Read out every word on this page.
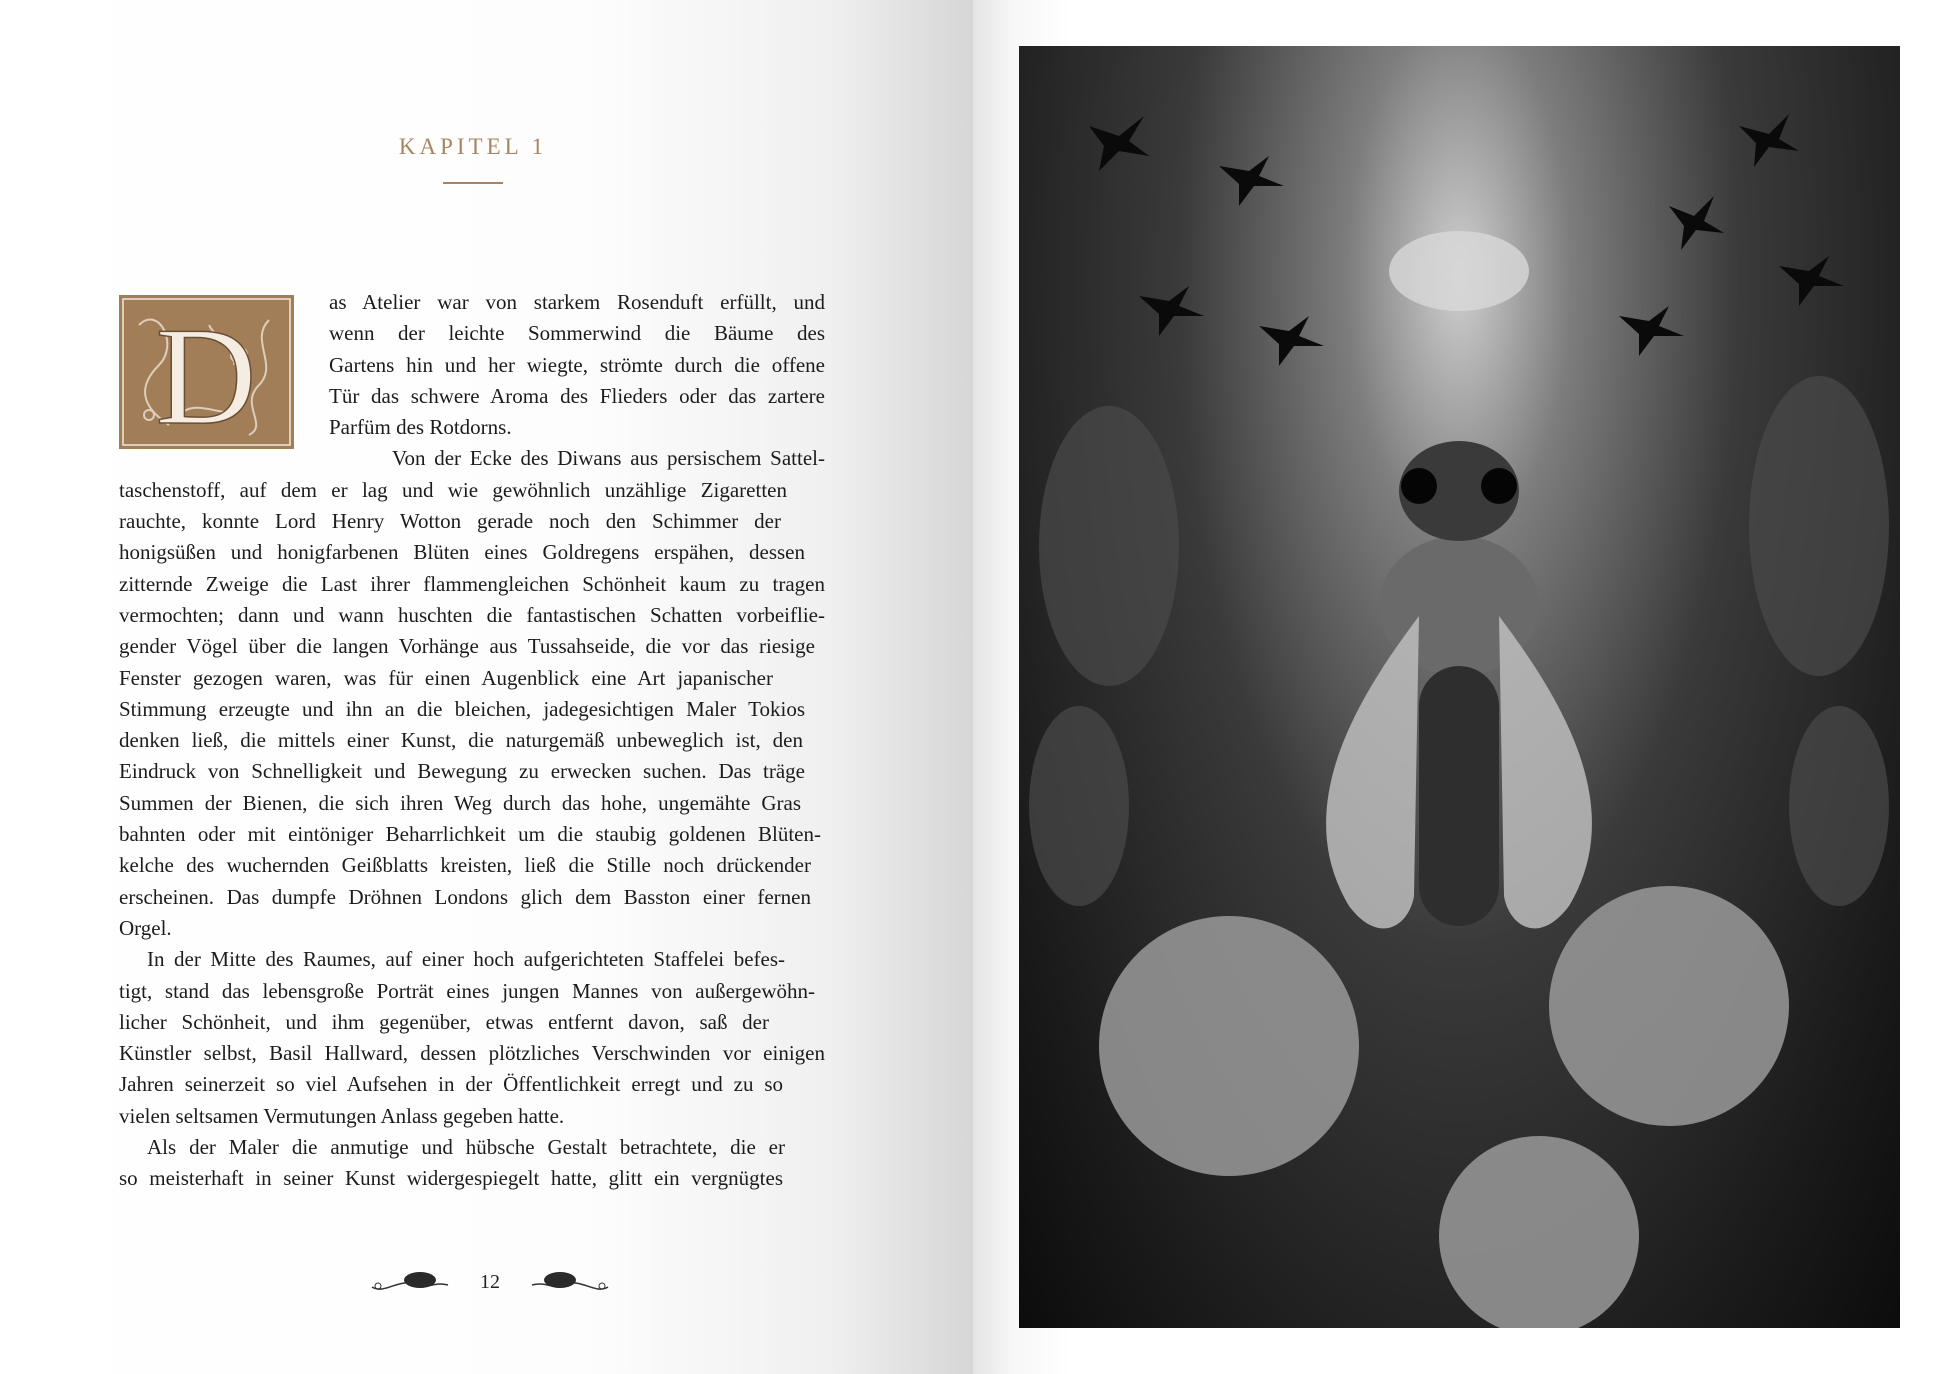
KAPITEL 1
D	as Atelier war von starkem Rosenduft erfüllt, und
wenn der leichte Sommerwind die Bäume des
Gartens hin und her wiegte, strömte durch die offene
Tür das schwere Aroma des Flieders oder das zartere
Parfüm des Rotdorns.
Von der Ecke des Diwans aus persischem Sattel-
taschenstoff, auf dem er lag und wie gewöhnlich unzählige Zigaretten
rauchte, konnte Lord Henry Wotton gerade noch den Schimmer der
honigsüßen und honigfarbenen Blüten eines Goldregens erspähen, dessen
zitternde Zweige die Last ihrer flammengleichen Schönheit kaum zu tragen
vermochten; dann und wann huschten die fantastischen Schatten vorbeiflie-
gender Vögel über die langen Vorhänge aus Tussahseide, die vor das riesige
Fenster gezogen waren, was für einen Augenblick eine Art japanischer
Stimmung erzeugte und ihn an die bleichen, jadegesichtigen Maler Tokios
denken ließ, die mittels einer Kunst, die naturgemäß unbeweglich ist, den
Eindruck von Schnelligkeit und Bewegung zu erwecken suchen. Das träge
Summen der Bienen, die sich ihren Weg durch das hohe, ungemähte Gras
bahnten oder mit eintöniger Beharrlichkeit um die staubig goldenen Blüten-
kelche des wuchernden Geißblatts kreisten, ließ die Stille noch drückender
erscheinen. Das dumpfe Dröhnen Londons glich dem Basston einer fernen
Orgel.
In der Mitte des Raumes, auf einer hoch aufgerichteten Staffelei befes-
tigt, stand das lebensgroße Porträt eines jungen Mannes von außergewöhn-
licher Schönheit, und ihm gegenüber, etwas entfernt davon, saß der
Künstler selbst, Basil Hallward, dessen plötzliches Verschwinden vor einigen
Jahren seinerzeit so viel Aufsehen in der Öffentlichkeit erregt und zu so
vielen seltsamen Vermutungen Anlass gegeben hatte.
Als der Maler die anmutige und hübsche Gestalt betrachtete, die er
so meisterhaft in seiner Kunst widergespiegelt hatte, glitt ein vergnügtes
12
